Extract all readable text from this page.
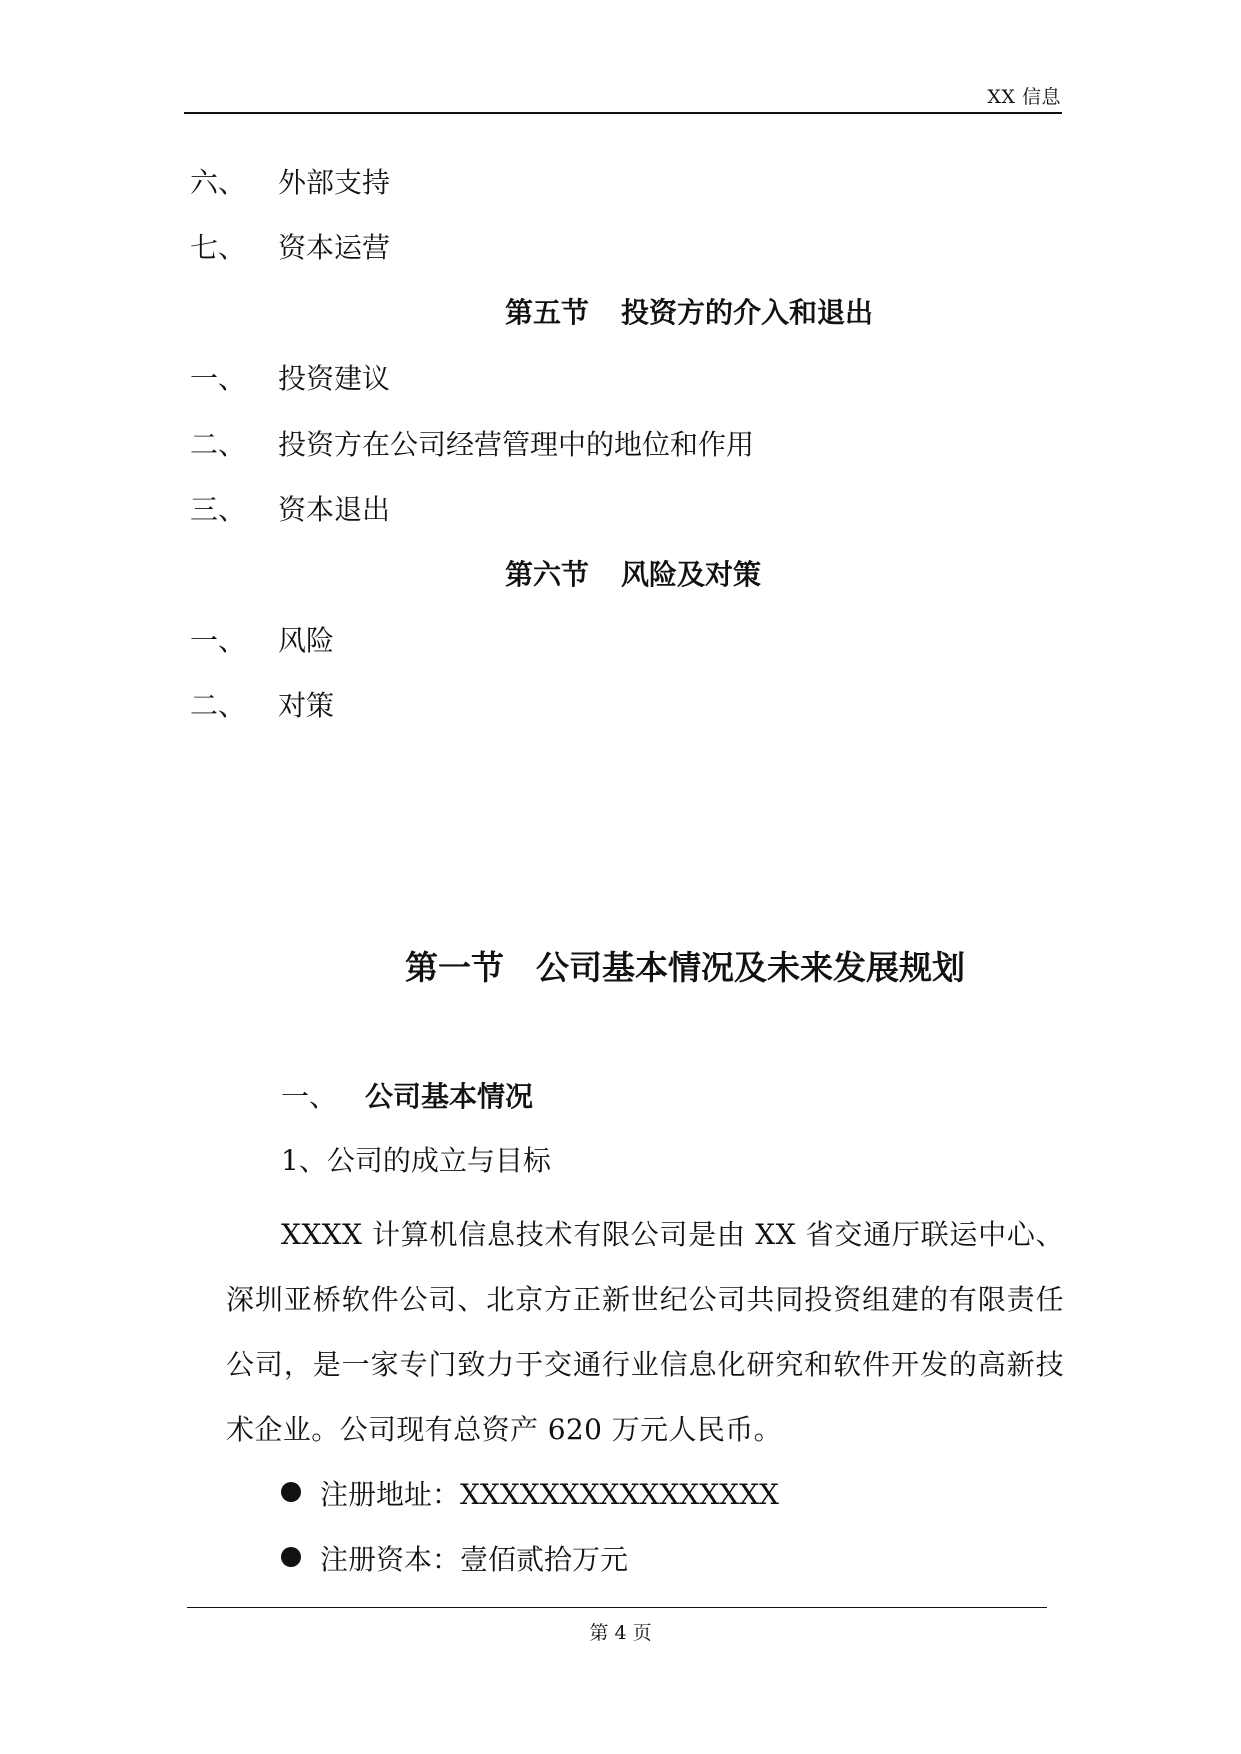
XX 信息
六、 外部支持
七、 资本运营
第五节 投资方的介入和退出
一、 投资建议
二、 投资方在公司经营管理中的地位和作用
三、 资本退出
第六节 风险及对策
一、 风险
二、 对策
第一节 公司基本情况及未来发展规划
一、 公司基本情况
1、公司的成立与目标
XXXX 计算机信息技术有限公司是由 XX 省交通厅联运中心、深圳亚桥软件公司、北京方正新世纪公司共同投资组建的有限责任公司，是一家专门致力于交通行业信息化研究和软件开发的高新技术企业。公司现有总资产 620 万元人民币。
注册地址：XXXXXXXXXXXXXXXX
注册资本：壹佰贰拾万元
第 4 页
